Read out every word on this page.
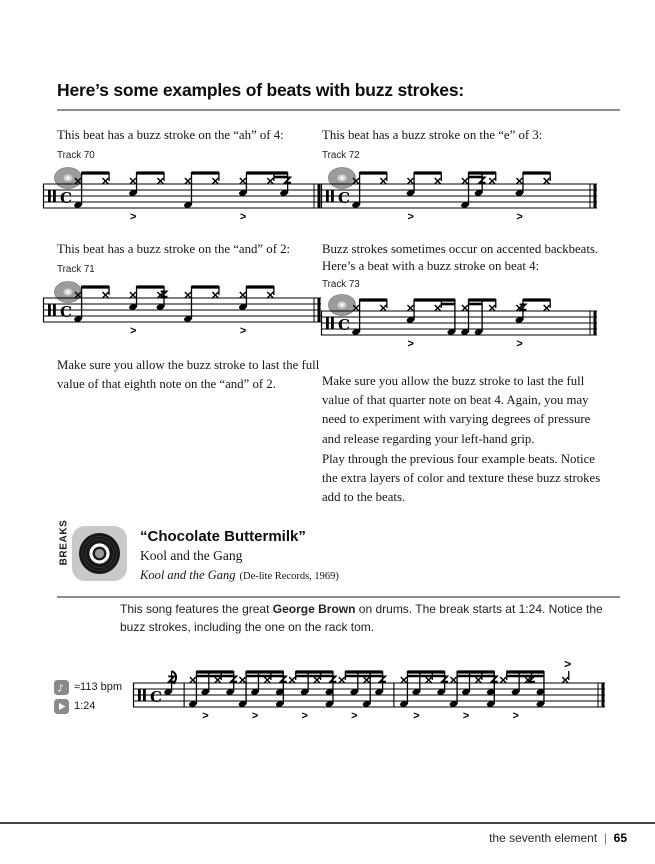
Here’s some examples of beats with buzz strokes:
This beat has a buzz stroke on the “ah” of 4:
Track 70
C
>	>
This beat has a buzz stroke on the “and” of 2:
Track 71
C
>	>
Make sure you allow the buzz stroke to last the full value of that eighth note on the “and” of 2.
This beat has a buzz stroke on the “e” of 3:
Track 72
C
>	>
Buzz strokes sometimes occur on accented backbeats. Here’s a beat with a buzz stroke on beat 4:
Track 73
C
>	>
Make sure you allow the buzz stroke to last the full value of that quarter note on beat 4. Again, you may need to experiment with varying degrees of pressure and release regarding your left-hand grip.
Play through the previous four example beats. Notice the extra layers of color and texture these buzz strokes add to the beats.
BREAKS	“Chocolate Buttermilk”
Kool and the Gang
Kool and the Gang (De-lite Records, 1969)

This song features the great George Brown on drums. The break starts at 1:24. Notice the buzz strokes, including the one on the rack tom.

♪ ≈113 bpm
1:24	C
>	>	>	>	>	>	>
>
the seventh element | 65
